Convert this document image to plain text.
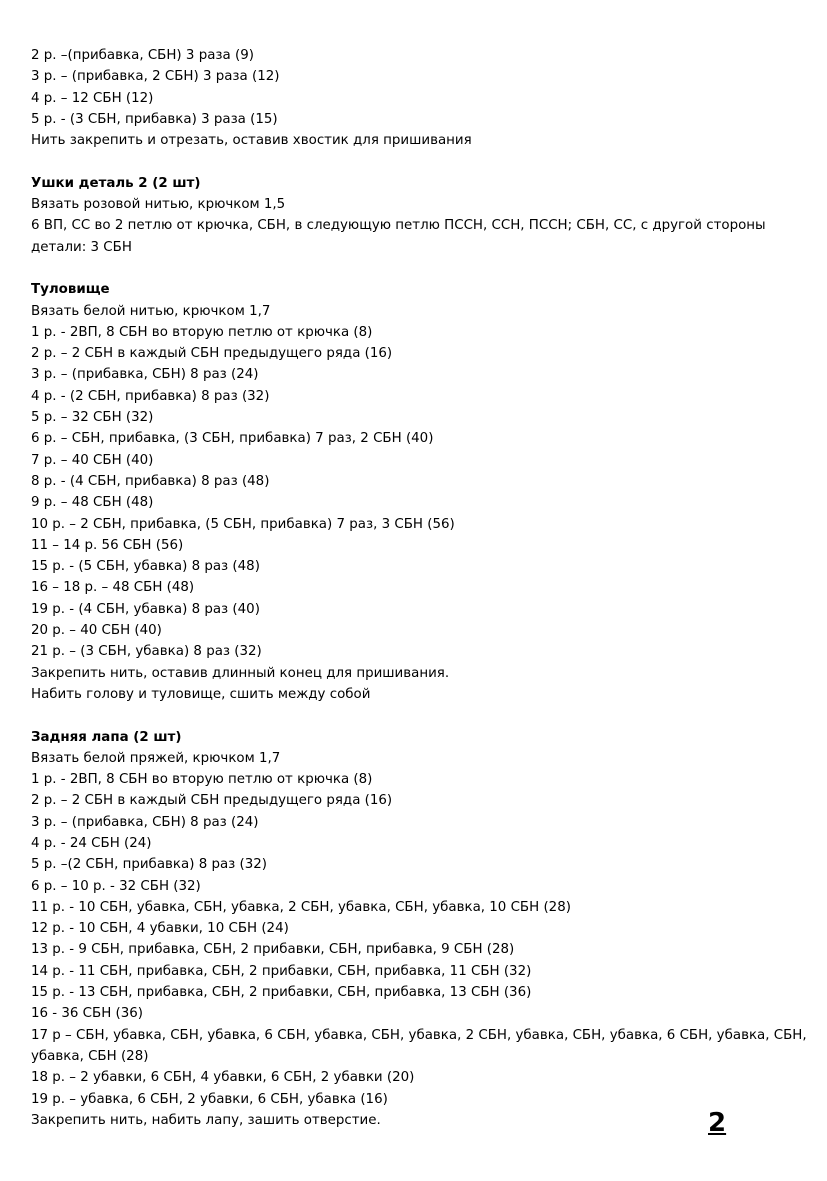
2 р. –(прибавка, СБН) 3 раза (9)
3 р. – (прибавка, 2 СБН) 3 раза (12)
4 р. – 12 СБН (12)
5 р. - (3 СБН, прибавка) 3 раза (15)
Нить закрепить и отрезать, оставив хвостик для пришивания
Ушки деталь 2 (2 шт)
Вязать розовой нитью, крючком 1,5
6 ВП, СС во 2 петлю от крючка, СБН, в следующую петлю ПССН, ССН, ПССН; СБН, СС, с другой стороны детали: 3 СБН
Туловище
Вязать белой нитью, крючком 1,7
1 р. - 2ВП, 8 СБН во вторую петлю от крючка (8)
2 р. – 2 СБН в каждый СБН предыдущего ряда (16)
3 р. – (прибавка, СБН) 8 раз (24)
4 р. - (2 СБН, прибавка) 8 раз (32)
5 р. – 32 СБН (32)
6 р. – СБН, прибавка, (3 СБН, прибавка) 7 раз, 2 СБН (40)
7 р. – 40 СБН (40)
8 р. - (4 СБН, прибавка) 8 раз (48)
9 р. – 48 СБН (48)
10 р. – 2 СБН, прибавка, (5 СБН, прибавка) 7 раз, 3 СБН (56)
11 – 14 р. 56 СБН (56)
15 р. - (5 СБН, убавка) 8 раз (48)
16 – 18 р. – 48 СБН (48)
19 р. - (4 СБН, убавка) 8 раз (40)
20 р. – 40 СБН (40)
21 р. – (3 СБН, убавка) 8 раз (32)
Закрепить нить, оставив длинный конец для пришивания.
Набить голову и туловище, сшить между собой
Задняя лапа (2 шт)
Вязать белой пряжей, крючком 1,7
1 р. - 2ВП, 8 СБН во вторую петлю от крючка (8)
2 р. – 2 СБН в каждый СБН предыдущего ряда (16)
3 р. – (прибавка, СБН) 8 раз (24)
4 р. - 24 СБН (24)
5 р. –(2 СБН, прибавка) 8 раз (32)
6 р. – 10 р. - 32 СБН (32)
11 р. - 10 СБН, убавка, СБН, убавка, 2 СБН, убавка, СБН, убавка, 10 СБН (28)
12 р. - 10 СБН, 4 убавки, 10 СБН (24)
13 р. - 9 СБН, прибавка, СБН, 2 прибавки, СБН, прибавка, 9 СБН (28)
14 р. - 11 СБН, прибавка, СБН, 2 прибавки, СБН, прибавка, 11 СБН (32)
15 р. - 13 СБН, прибавка, СБН, 2 прибавки, СБН, прибавка, 13 СБН (36)
16 - 36 СБН (36)
17 р – СБН, убавка, СБН, убавка, 6 СБН, убавка, СБН, убавка, 2 СБН, убавка, СБН, убавка, 6 СБН, убавка, СБН, убавка, СБН (28)
18 р. – 2 убавки, 6 СБН, 4 убавки, 6 СБН, 2 убавки (20)
19 р. – убавка, 6 СБН, 2 убавки, 6 СБН, убавка (16)
Закрепить нить, набить лапу, зашить отверстие.	2
